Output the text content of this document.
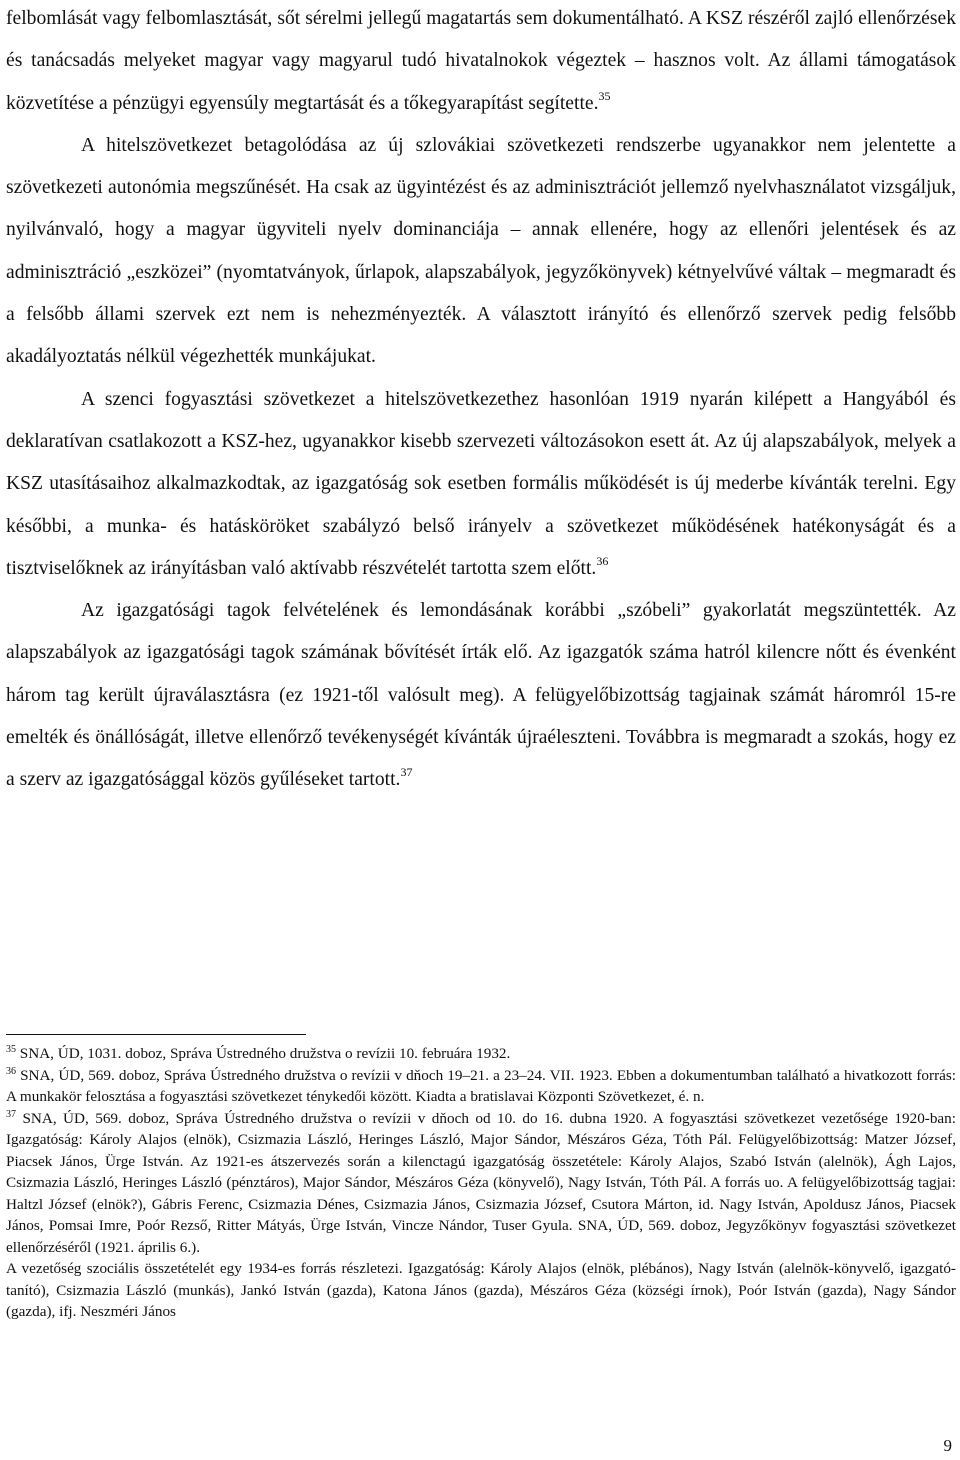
felbomlását vagy felbomlasztását, sőt sérelmi jellegű magatartás sem dokumentálható. A KSZ részéről zajló ellenőrzések és tanácsadás melyeket magyar vagy magyarul tudó hivatalnokok végeztek – hasznos volt. Az állami támogatások közvetítése a pénzügyi egyensúly megtartását és a tőkegyarapítást segítette.$^{35}$

A hitelszövetkezet betagolódása az új szlovákiai szövetkezeti rendszerbe ugyanakkor nem jelentette a szövetkezeti autonómia megszűnését. Ha csak az ügyintézést és az adminisztrációt jellemző nyelvhasználatot vizsgáljuk, nyilvánvaló, hogy a magyar ügyviteli nyelv dominanciája – annak ellenére, hogy az ellenőri jelentések és az adminisztráció „eszközei” (nyomtatványok, űrlapok, alapszabályok, jegyzőkönyvek) kétnyelvűvé váltak – megmaradt és a felsőbb állami szervek ezt nem is nehezményezték. A választott irányító és ellenőrző szervek pedig felsőbb akadályoztatás nélkül végezhették munkájukat.

A szenci fogyasztási szövetkezet a hitelszövetkezethez hasonlóan 1919 nyarán kilépett a Hangyából és deklaratívan csatlakozott a KSZ-hez, ugyanakkor kisebb szervezeti változásokon esett át. Az új alapszabályok, melyek a KSZ utasításaihoz alkalmazkodtak, az igazgatóság sok esetben formális működését is új mederbe kívánták terelni. Egy későbbi, a munka- és hatásköröket szabályzó belső irányelv a szövetkezet működésének hatékonyságát és a tisztviselőknek az irányításban való aktívabb részvételét tartotta szem előtt.$^{36}$

Az igazgatósági tagok felvételének és lemondásának korábbi „szóbeli” gyakorlatát megszüntették. Az alapszabályok az igazgatósági tagok számának bővítését írták elő. Az igazgatók száma hatról kilencre nőtt és évenként három tag került újraválasztásra (ez 1921-től valósult meg). A felügyelőbizottság tagjainak számát háromról 15-re emelték és önállóságát, illetve ellenőrző tevékenységét kívánták újraéleszteni. Továbbra is megmaradt a szokás, hogy ez a szerv az igazgatósággal közös gyűléseket tartott.$^{37}$

$^{35}$ SNA, ÚD, 1031. doboz, Správa Ústredného družstva o revízii 10. februára 1932.

$^{36}$ SNA, ÚD, 569. doboz, Správa Ústredného družstva o revízii v dňoch 19–21. a 23–24. VII. 1923. Ebben a dokumentumban található a hivatkozott forrás: A munkakör felosztása a fogyasztási szövetkezet ténykedői között. Kiadta a bratislavai Központi Szövetkezet, é. n.

$^{37}$ SNA, ÚD, 569. doboz, Správa Ústredného družstva o revízii v dňoch od 10. do 16. dubna 1920. A fogyasztási szövetkezet vezetősége 1920-ban: Igazgatóság: Károly Alajos (elnök), Csizmazia László, Heringes László, Major Sándor, Mészáros Géza, Tóth Pál. Felügyelőbizottság: Matzer József, Piacsek János, Ürge István. Az 1921-es átszervezés során a kilenctagú igazgatóság összetétele: Károly Alajos, Szabó István (alelnök), Ágh Lajos, Csizmazia László, Heringes László (pénztáros), Major Sándor, Mészáros Géza (könyvelő), Nagy István, Tóth Pál. A forrás uo. A felügyelőbizottság tagjai: Haltzl József (elnök?), Gábris Ferenc, Csizmazia Dénes, Csizmazia János, Csizmazia József, Csutora Márton, id. Nagy István, Apoldusz János, Piacsek János, Pomsai Imre, Poór Rezső, Ritter Mátyás, Ürge István, Vincze Nándor, Tuser Gyula. SNA, ÚD, 569. doboz, Jegyzőkönyv fogyasztási szövetkezet ellenőrzéséről (1921. április 6.).

A vezetőség szociális összetételét egy 1934-es forrás részletezi. Igazgatóság: Károly Alajos (elnök, plébános), Nagy István (alelnök-könyvelő, igazgató-tanító), Csizmazia László (munkás), Jankó István (gazda), Katona János (gazda), Mészáros Géza (községi írnok), Poór István (gazda), Nagy Sándor (gazda), ifj. Neszméri János

9
